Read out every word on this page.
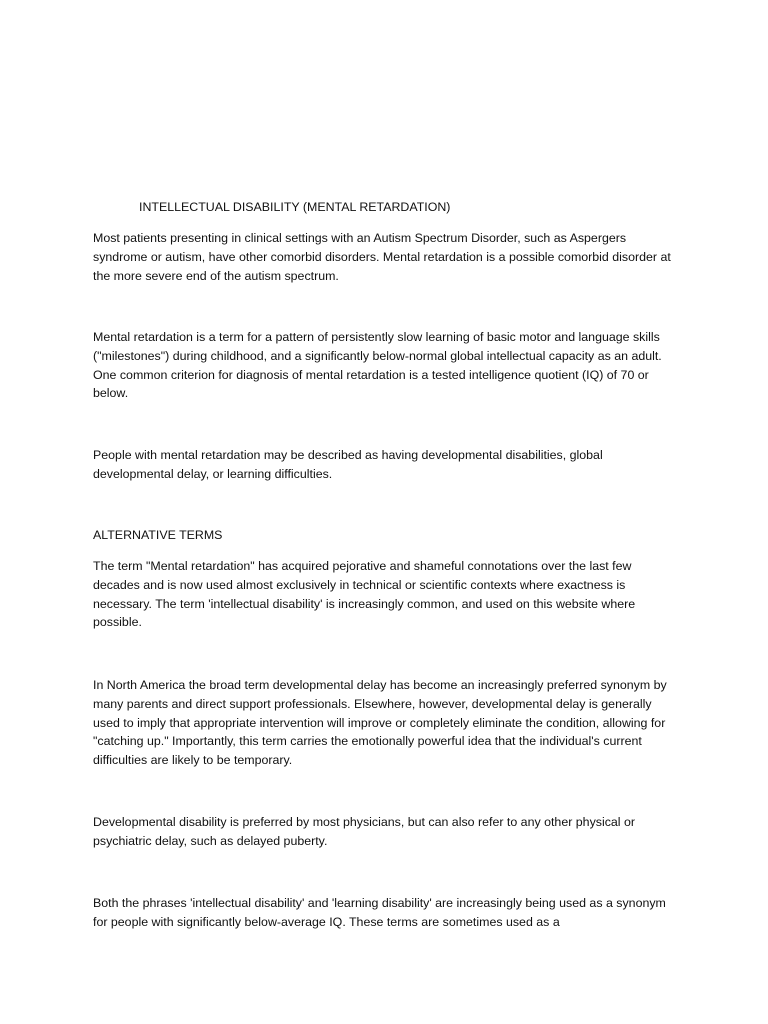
INTELLECTUAL DISABILITY (MENTAL RETARDATION)

Most patients presenting in clinical settings with an Autism Spectrum Disorder, such as Aspergers syndrome or autism, have other comorbid disorders. Mental retardation is a possible comorbid disorder at the more severe end of the autism spectrum.

Mental retardation is a term for a pattern of persistently slow learning of basic motor and language skills ("milestones") during childhood, and a significantly below-normal global intellectual capacity as an adult. One common criterion for diagnosis of mental retardation is a tested intelligence quotient (IQ) of 70 or below.

People with mental retardation may be described as having developmental disabilities, global developmental delay, or learning difficulties.

ALTERNATIVE TERMS

The term "Mental retardation" has acquired pejorative and shameful connotations over the last few decades and is now used almost exclusively in technical or scientific contexts where exactness is necessary. The term 'intellectual disability' is increasingly common, and used on this website where possible.

In North America the broad term developmental delay has become an increasingly preferred synonym by many parents and direct support professionals. Elsewhere, however, developmental delay is generally used to imply that appropriate intervention will improve or completely eliminate the condition, allowing for "catching up." Importantly, this term carries the emotionally powerful idea that the individual's current difficulties are likely to be temporary.

Developmental disability is preferred by most physicians, but can also refer to any other physical or psychiatric delay, such as delayed puberty.

Both the phrases 'intellectual disability' and 'learning disability' are increasingly being used as a synonym for people with significantly below-average IQ. These terms are sometimes used as a
